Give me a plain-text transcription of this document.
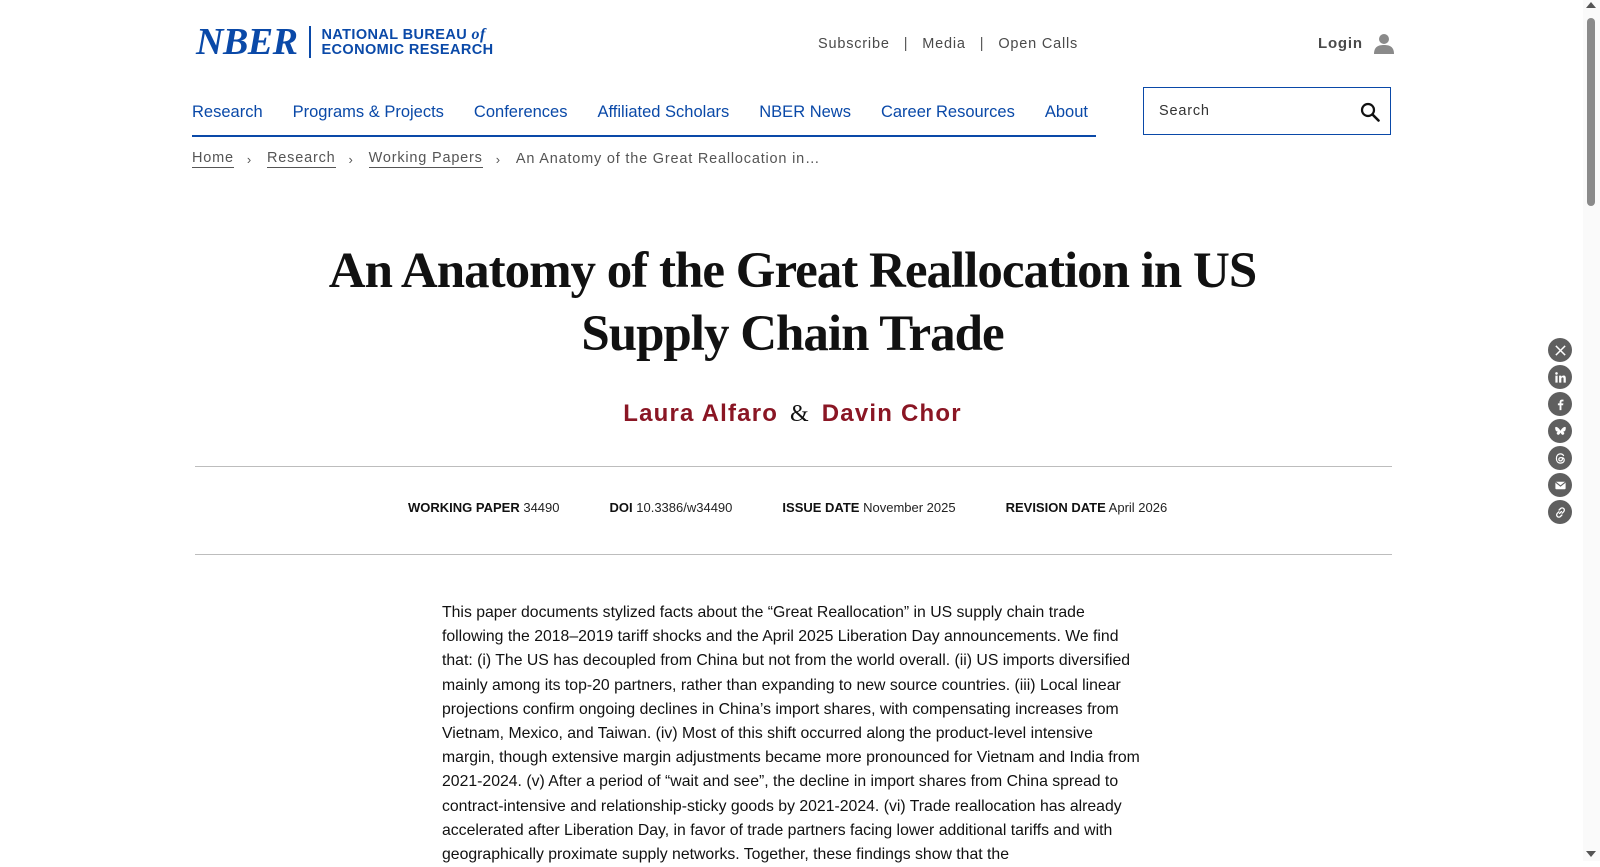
NBER NATIONAL BUREAU of
ECONOMIC RESEARCH	Subscribe | Media | Open Calls	Login
Research Programs & Projects Conferences Affiliated Scholars NBER News Career Resources About
Search
Home › Research › Working Papers › An Anatomy of the Great Reallocation in…
An Anatomy of the Great Reallocation in US
Supply Chain Trade
Laura Alfaro & Davin Chor
WORKING PAPER 34490	DOI 10.3386/w34490	ISSUE DATE November 2025	REVISION DATE April 2026

This paper documents stylized facts about the “Great Reallocation” in US supply chain trade following the 2018–2019 tariff shocks and the April 2025 Liberation Day announcements. We find that: (i) The US has decoupled from China but not from the world overall. (ii) US imports diversified mainly among its top-20 partners, rather than expanding to new source countries. (iii) Local linear projections confirm ongoing declines in China’s import shares, with compensating increases from Vietnam, Mexico, and Taiwan. (iv) Most of this shift occurred along the product-level intensive margin, though extensive margin adjustments became more pronounced for Vietnam and India from 2021-2024. (v) After a period of “wait and see”, the decline in import shares from China spread to contract-intensive and relationship-sticky goods by 2021-2024. (vi) Trade reallocation has already accelerated after Liberation Day, in favor of trade partners facing lower additional tariffs and with geographically proximate supply networks. Together, these findings show that the
